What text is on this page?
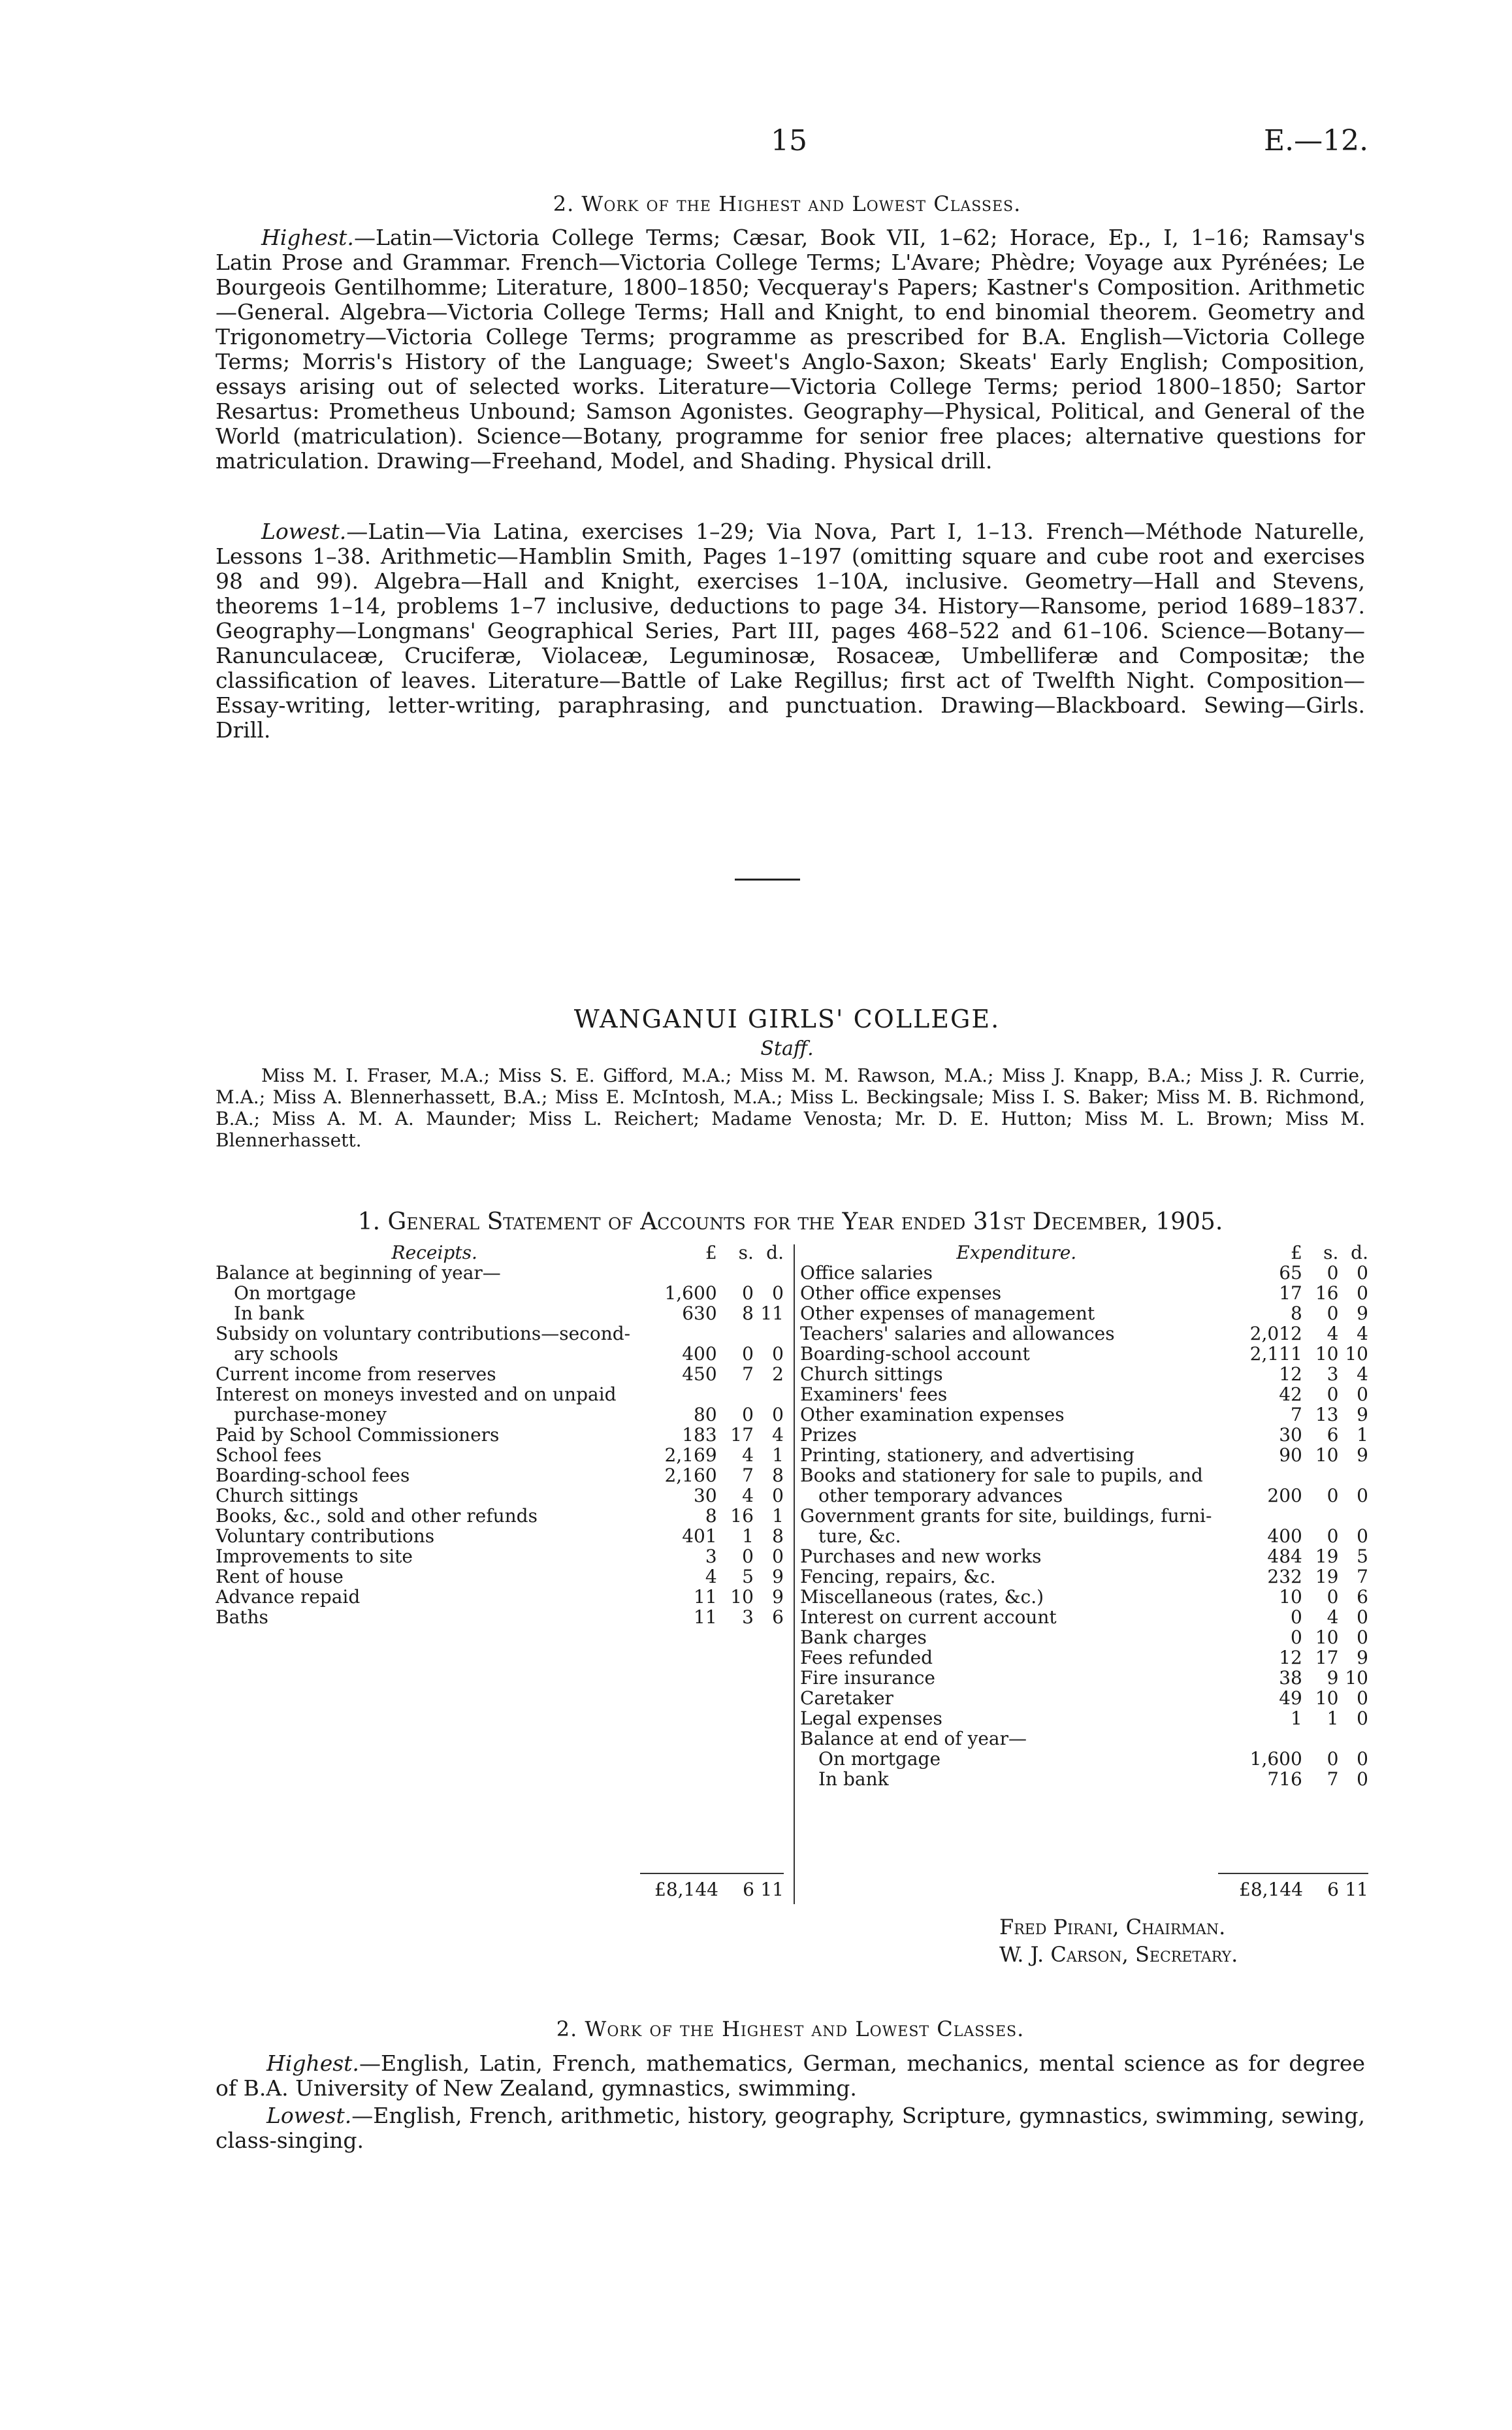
15	E.—12.
2. Work of the Highest and Lowest Classes.
Highest.—Latin—Victoria College Terms; Cæsar, Book VII, 1–62; Horace, Ep., I, 1–16; Ramsay's Latin Prose and Grammar. French—Victoria College Terms; L'Avare; Phèdre; Voyage aux Pyrénées; Le Bourgeois Gentilhomme; Literature, 1800–1850; Vecqueray's Papers; Kastner's Composition. Arithmetic—General. Algebra—Victoria College Terms; Hall and Knight, to end binomial theorem. Geometry and Trigonometry—Victoria College Terms; programme as prescribed for B.A. English—Victoria College Terms; Morris's History of the Language; Sweet's Anglo-Saxon; Skeats' Early English; Composition, essays arising out of selected works. Literature—Victoria College Terms; period 1800–1850; Sartor Resartus: Prometheus Unbound; Samson Agonistes. Geography—Physical, Political, and General of the World (matriculation). Science—Botany, programme for senior free places; alternative questions for matriculation. Drawing—Freehand, Model, and Shading. Physical drill.
Lowest.—Latin—Via Latina, exercises 1–29; Via Nova, Part I, 1–13. French—Méthode Naturelle, Lessons 1–38. Arithmetic—Hamblin Smith, Pages 1–197 (omitting square and cube root and exercises 98 and 99). Algebra—Hall and Knight, exercises 1–10A, inclusive. Geometry—Hall and Stevens, theorems 1–14, problems 1–7 inclusive, deductions to page 34. History—Ransome, period 1689–1837. Geography—Longmans' Geographical Series, Part III, pages 468–522 and 61–106. Science—Botany—Ranunculaceæ, Cruciferæ, Violaceæ, Leguminosæ, Rosaceæ, Umbelliferæ and Compositæ; the classification of leaves. Literature—Battle of Lake Regillus; first act of Twelfth Night. Composition—Essay-writing, letter-writing, paraphrasing, and punctuation. Drawing—Blackboard. Sewing—Girls. Drill.
WANGANUI GIRLS' COLLEGE.
Staff.
Miss M. I. Fraser, M.A.; Miss S. E. Gifford, M.A.; Miss M. M. Rawson, M.A.; Miss J. Knapp, B.A.; Miss J. R. Currie, M.A.; Miss A. Blennerhassett, B.A.; Miss E. McIntosh, M.A.; Miss L. Beckingsale; Miss I. S. Baker; Miss M. B. Richmond, B.A.; Miss A. M. A. Maunder; Miss L. Reichert; Madame Venosta; Mr. D. E. Hutton; Miss M. L. Brown; Miss M. Blennerhassett.
1. General Statement of Accounts for the Year ended 31st December, 1905.
Receipts.	£	s.	d.
Balance at beginning of year—			
On mortgage	1,600	0	0
In bank	630	8	11
Subsidy on voluntary contributions—second-			
ary schools	400	0	0
Current income from reserves	450	7	2
Interest on moneys invested and on unpaid			
purchase-money	80	0	0
Paid by School Commissioners	183	17	4
School fees	2,169	4	1
Boarding-school fees	2,160	7	8
Church sittings	30	4	0
Books, &c., sold and other refunds	8	16	1
Voluntary contributions	401	1	8
Improvements to site	3	0	0
Rent of house	4	5	9
Advance repaid	11	10	9
Baths	11	3	6
	£8,144	6	11
Expenditure.	£	s.	d.
Office salaries	65	0	0
Other office expenses	17	16	0
Other expenses of management	8	0	9
Teachers' salaries and allowances	2,012	4	4
Boarding-school account	2,111	10	10
Church sittings	12	3	4
Examiners' fees	42	0	0
Other examination expenses	7	13	9
Prizes	30	6	1
Printing, stationery, and advertising	90	10	9
Books and stationery for sale to pupils, and			
other temporary advances	200	0	0
Government grants for site, buildings, furni-			
ture, &c.	400	0	0
Purchases and new works	484	19	5
Fencing, repairs, &c.	232	19	7
Miscellaneous (rates, &c.)	10	0	6
Interest on current account	0	4	0
Bank charges	0	10	0
Fees refunded	12	17	9
Fire insurance	38	9	10
Caretaker	49	10	0
Legal expenses	1	1	0
Balance at end of year—			
On mortgage	1,600	0	0
In bank	716	7	0
	£8,144	6	11
Fred Pirani, Chairman.
W. J. Carson, Secretary.
2. Work of the Highest and Lowest Classes.
Highest.—English, Latin, French, mathematics, German, mechanics, mental science as for degree of B.A. University of New Zealand, gymnastics, swimming.
Lowest.—English, French, arithmetic, history, geography, Scripture, gymnastics, swimming, sewing, class-singing.
